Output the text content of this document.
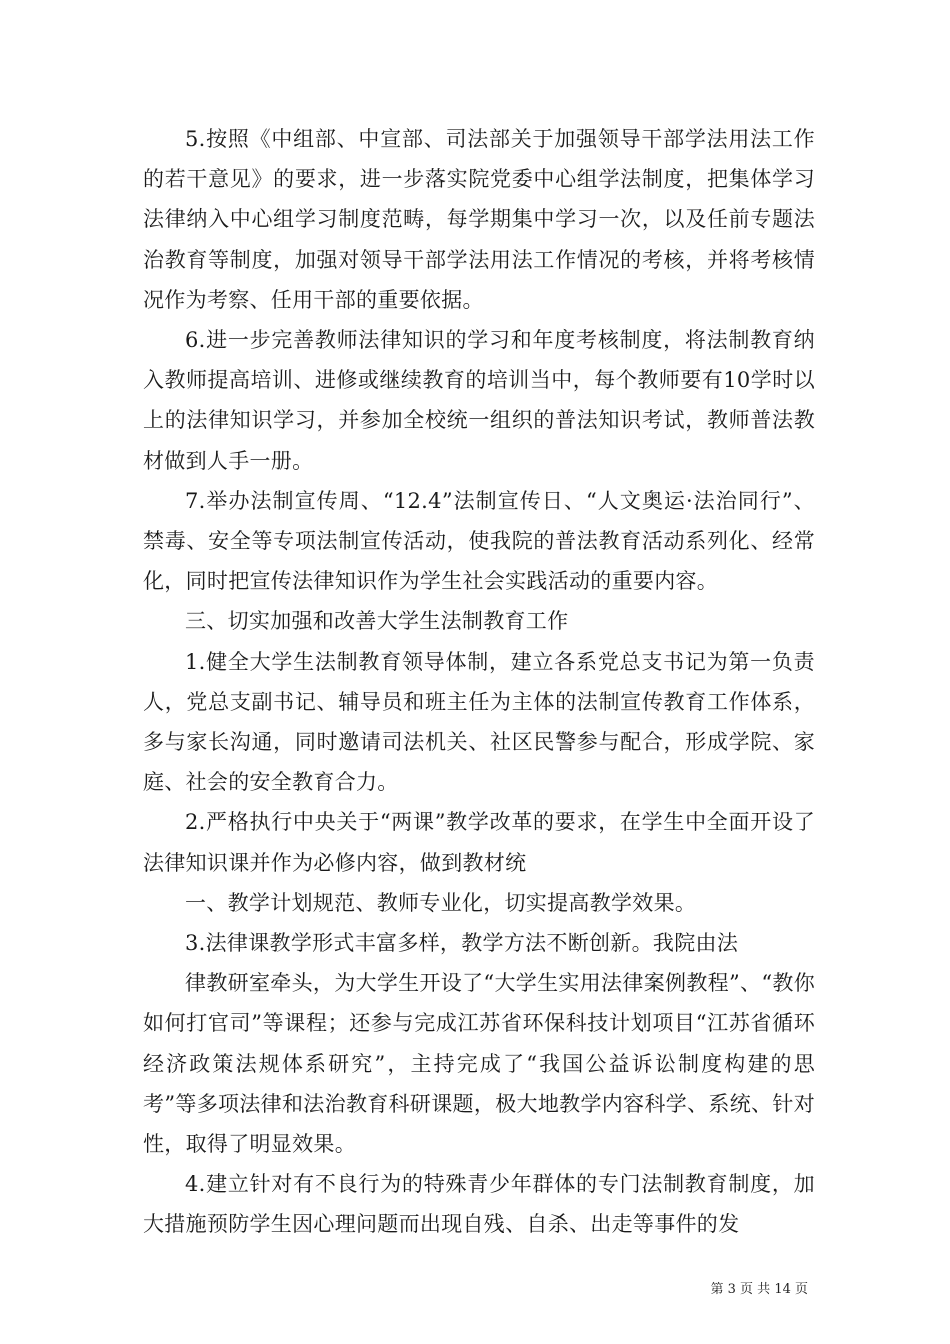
5.按照《中组部、中宣部、司法部关于加强领导干部学法用法工作的若干意见》的要求，进一步落实院党委中心组学法制度，把集体学习法律纳入中心组学习制度范畴，每学期集中学习一次，以及任前专题法治教育等制度，加强对领导干部学法用法工作情况的考核，并将考核情况作为考察、任用干部的重要依据。

6.进一步完善教师法律知识的学习和年度考核制度，将法制教育纳入教师提高培训、进修或继续教育的培训当中，每个教师要有10学时以上的法律知识学习，并参加全校统一组织的普法知识考试，教师普法教材做到人手一册。

7.举办法制宣传周、“12.4”法制宣传日、“人文奥运·法治同行”、禁毒、安全等专项法制宣传活动，使我院的普法教育活动系列化、经常化，同时把宣传法律知识作为学生社会实践活动的重要内容。

三、切实加强和改善大学生法制教育工作

1.健全大学生法制教育领导体制，建立各系党总支书记为第一负责人，党总支副书记、辅导员和班主任为主体的法制宣传教育工作体系，多与家长沟通，同时邀请司法机关、社区民警参与配合，形成学院、家庭、社会的安全教育合力。

2.严格执行中央关于“两课”教学改革的要求，在学生中全面开设了法律知识课并作为必修内容，做到教材统

一、教学计划规范、教师专业化，切实提高教学效果。

3.法律课教学形式丰富多样，教学方法不断创新。我院由法

律教研室牵头，为大学生开设了“大学生实用法律案例教程”、“教你如何打官司”等课程；还参与完成江苏省环保科技计划项目“江苏省循环经济政策法规体系研究”，主持完成了“我国公益诉讼制度构建的思考”等多项法律和法治教育科研课题，极大地教学内容科学、系统、针对性，取得了明显效果。

4.建立针对有不良行为的特殊青少年群体的专门法制教育制度，加大措施预防学生因心理问题而出现自残、自杀、出走等事件的发

第 3 页 共 14 页
